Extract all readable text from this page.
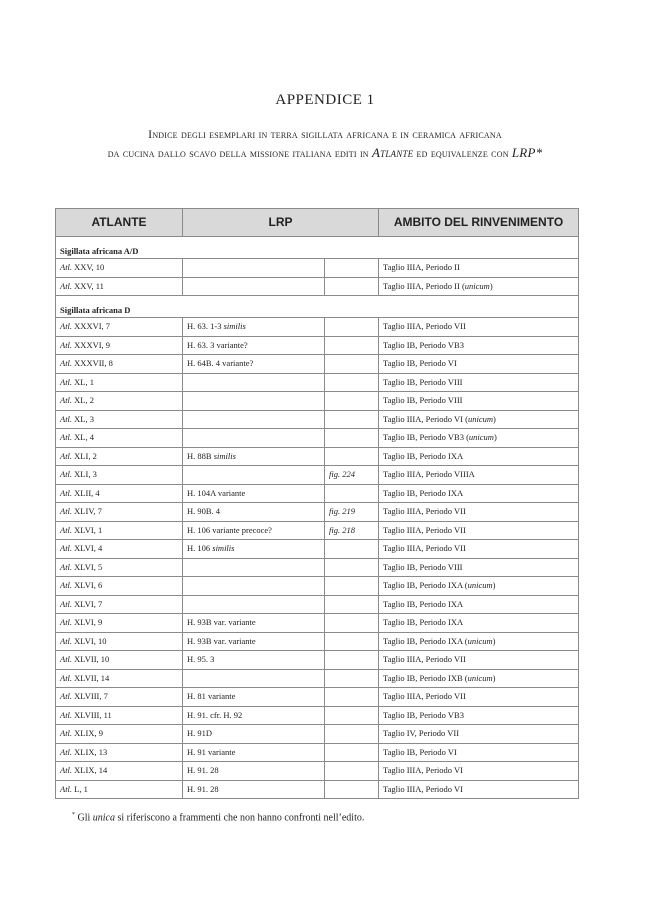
APPENDICE 1
Indice degli esemplari in terra sigillata africana e in ceramica africana
da cucina dallo scavo della missione italiana editi in Atlante ed equivalenze con LRP*
ATLANTE	LRP		AMBITO DEL RINVENIMENTO

Sigillata africana A/D			
Atl. XXV, 10			Taglio IIIA, Periodo II
Atl. XXV, 11			Taglio IIIA, Periodo II (unicum)

Sigillata africana D			
Atl. XXXVI, 7	H. 63. 1-3 similis		Taglio IIIA, Periodo VII
Atl. XXXVI, 9	H. 63. 3 variante?		Taglio IB, Periodo VB3
Atl. XXXVII, 8	H. 64B. 4 variante?		Taglio IB, Periodo VI
Atl. XL, 1			Taglio IB, Periodo VIII
Atl. XL, 2			Taglio IB, Periodo VIII
Atl. XL, 3			Taglio IIIA, Periodo VI (unicum)
Atl. XL, 4			Taglio IB, Periodo VB3 (unicum)
Atl. XLI, 2	H. 88B similis		Taglio IB, Periodo IXA
Atl. XLI, 3		fig. 224	Taglio IIIA, Periodo VIIIA
Atl. XLII, 4	H. 104A variante		Taglio IB, Periodo IXA
Atl. XLIV, 7	H. 90B. 4	fig. 219	Taglio IIIA, Periodo VII
Atl. XLVI, 1	H. 106 variante precoce?	fig. 218	Taglio IIIA, Periodo VII
Atl. XLVI, 4	H. 106 similis		Taglio IIIA, Periodo VII
Atl. XLVI, 5			Taglio IB, Periodo VIII
Atl. XLVI, 6			Taglio IB, Periodo IXA (unicum)
Atl. XLVI, 7			Taglio IB, Periodo IXA
Atl. XLVI, 9	H. 93B var. variante		Taglio IB, Periodo IXA
Atl. XLVI, 10	H. 93B var. variante		Taglio IB, Periodo IXA (unicum)
Atl. XLVII, 10	H. 95. 3		Taglio IIIA, Periodo VII
Atl. XLVII, 14			Taglio IB, Periodo IXB (unicum)
Atl. XLVIII, 7	H. 81 variante		Taglio IIIA, Periodo VII
Atl. XLVIII, 11	H. 91. cfr. H. 92		Taglio IB, Periodo VB3
Atl. XLIX, 9	H. 91D		Taglio IV, Periodo VII
Atl. XLIX, 13	H. 91 variante		Taglio IB, Periodo VI
Atl. XLIX, 14	H. 91. 28		Taglio IIIA, Periodo VI
Atl. L, 1	H. 91. 28		Taglio IIIA, Periodo VI
* Gli unica si riferiscono a frammenti che non hanno confronti nell’edito.
